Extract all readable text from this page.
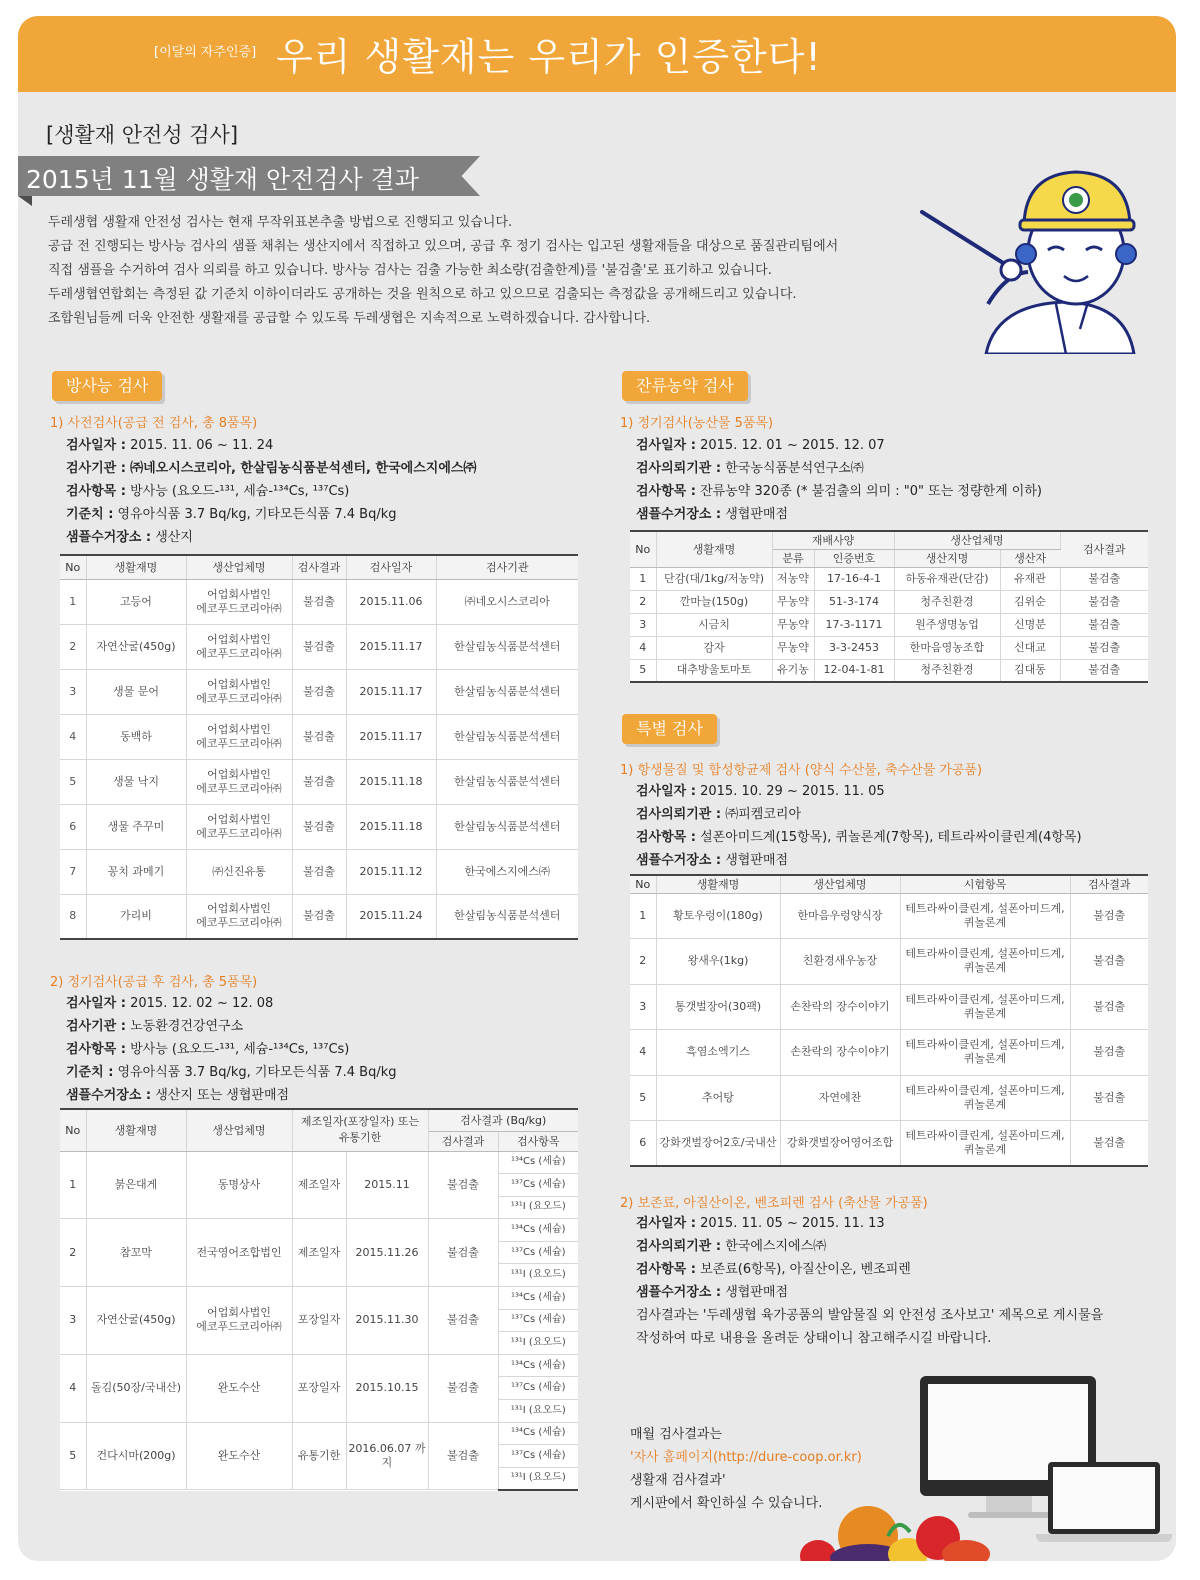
[이달의 자주인증] 우리 생활재는 우리가 인증한다!
[생활재 안전성 검사]
2015년 11월 생활재 안전검사 결과
두레생협 생활재 안전성 검사는 현재 무작위표본추출 방법으로 진행되고 있습니다.
공급 전 진행되는 방사능 검사의 샘플 채취는 생산지에서 직접하고 있으며, 공급 후 정기 검사는 입고된 생활재들을 대상으로 품질관리팀에서
직접 샘플을 수거하여 검사 의뢰를 하고 있습니다. 방사능 검사는 검출 가능한 최소량(검출한계)를 '불검출'로 표기하고 있습니다.
두레생협연합회는 측정된 값 기준치 이하이더라도 공개하는 것을 원칙으로 하고 있으므로 검출되는 측정값을 공개해드리고 있습니다.
조합원님들께 더욱 안전한 생활재를 공급할 수 있도록 두레생협은 지속적으로 노력하겠습니다. 감사합니다.
방사능 검사
1) 사전검사(공급 전 검사, 총 8품목)
검사일자 : 2015. 11. 06 ~ 11. 24
검사기관 : ㈜네오시스코리아, 한살림농식품분석센터, 한국에스지에스㈜
검사항목 : 방사능 (요오드-¹³¹, 세슘-¹³⁴Cs, ¹³⁷Cs)
기준치 : 영유아식품 3.7 Bq/kg, 기타모든식품 7.4 Bq/kg
샘플수거장소 : 생산지
No	생활재명	생산업체명	검사결과	검사일자	검사기관
1	고등어	어업회사법인
에코푸드코리아㈜	불검출	2015.11.06	㈜네오시스코리아
2	자연산굴(450g)	어업회사법인
에코푸드코리아㈜	불검출	2015.11.17	한살림농식품분석센터
3	생물 문어	어업회사법인
에코푸드코리아㈜	불검출	2015.11.17	한살림농식품분석센터
4	동백하	어업회사법인
에코푸드코리아㈜	불검출	2015.11.17	한살림농식품분석센터
5	생물 낙지	어업회사법인
에코푸드코리아㈜	불검출	2015.11.18	한살림농식품분석센터
6	생물 주꾸미	어업회사법인
에코푸드코리아㈜	불검출	2015.11.18	한살림농식품분석센터
7	꽁치 과메기	㈜신진유통	불검출	2015.11.12	한국에스지에스㈜
8	가리비	어업회사법인
에코푸드코리아㈜	불검출	2015.11.24	한살림농식품분석센터
2) 정기검사(공급 후 검사, 총 5품목)
검사일자 : 2015. 12. 02 ~ 12. 08
검사기관 : 노동환경건강연구소
검사항목 : 방사능 (요오드-¹³¹, 세슘-¹³⁴Cs, ¹³⁷Cs)
기준치 : 영유아식품 3.7 Bq/kg, 기타모든식품 7.4 Bq/kg
샘플수거장소 : 생산지 또는 생협판매점
No	생활재명	생산업체명	제조일자(포장일자) 또는
유통기한		검사결과 (Bq/kg)	
					검사결과	검사항목
1	붉은대게	동명상사	제조일자	2015.11	불검출	¹³⁴Cs (세슘)
						¹³⁷Cs (세슘)
						¹³¹I (요오드)
2	참꼬막	전국영어조합법인	제조일자	2015.11.26	불검출	¹³⁴Cs (세슘)
						¹³⁷Cs (세슘)
						¹³¹I (요오드)
3	자연산굴(450g)	어업회사법인
에코푸드코리아㈜	포장일자	2015.11.30	불검출	¹³⁴Cs (세슘)
						¹³⁷Cs (세슘)
						¹³¹I (요오드)
4	돌김(50장/국내산)	완도수산	포장일자	2015.10.15	불검출	¹³⁴Cs (세슘)
						¹³⁷Cs (세슘)
						¹³¹I (요오드)
5	건다시마(200g)	완도수산	유통기한	2016.06.07 까지	불검출	¹³⁴Cs (세슘)
						¹³⁷Cs (세슘)
						¹³¹I (요오드)
잔류농약 검사
1) 정기검사(농산물 5품목)
검사일자 : 2015. 12. 01 ~ 2015. 12. 07
검사의뢰기관 : 한국농식품분석연구소㈜
검사항목 : 잔류농약 320종 (* 불검출의 의미 : "0" 또는 정량한계 이하)
샘플수거장소 : 생협판매점
No	생활재명	재배사양		생산업체명		검사결과
		분류	인증번호	생산지명	생산자	
1	단감(대/1kg/저농약)	저농약	17-16-4-1	하동유재관(단감)	유재관	불검출
2	깐마늘(150g)	무농약	51-3-174	청주친환경	김위순	불검출
3	시금치	무농약	17-3-1171	원주생명농업	신명분	불검출
4	감자	무농약	3-3-2453	한마음영농조합	신대교	불검출
5	대추방울토마토	유기농	12-04-1-81	청주친환경	김대동	불검출
특별 검사
1) 항생물질 및 합성항균제 검사 (양식 수산물, 축수산물 가공품)
검사일자 : 2015. 10. 29 ~ 2015. 11. 05
검사의뢰기관 : ㈜피켐코리아
검사항목 : 설폰아미드계(15항목), 퀴놀론계(7항목), 테트라싸이클린계(4항목)
샘플수거장소 : 생협판매점
No	생활재명	생산업체명	시험항목	검사결과
1	황토우렁이(180g)	한마음우렁양식장	테트라싸이클린계, 설폰아미드계,
퀴놀론계	불검출
2	왕새우(1kg)	친환경새우농장	테트라싸이클린계, 설폰아미드계,
퀴놀론계	불검출
3	통갯벌장어(30팩)	손찬락의 장수이야기	테트라싸이클린계, 설폰아미드계,
퀴놀론계	불검출
4	흑염소엑기스	손찬락의 장수이야기	테트라싸이클린계, 설폰아미드계,
퀴놀론계	불검출
5	추어탕	자연에찬	테트라싸이클린계, 설폰아미드계,
퀴놀론계	불검출
6	강화갯벌장어2호/국내산	강화갯벌장어영어조합	테트라싸이클린계, 설폰아미드계,
퀴놀론계	불검출
2) 보존료, 아질산이온, 벤조피렌 검사 (축산물 가공품)
검사일자 : 2015. 11. 05 ~ 2015. 11. 13
검사의뢰기관 : 한국에스지에스㈜
검사항목 : 보존료(6항목), 아질산이온, 벤조피렌
샘플수거장소 : 생협판매점
검사결과는 '두레생협 육가공품의 발암물질 외 안전성 조사보고' 제목으로 게시물을
작성하여 따로 내용을 올려둔 상태이니 참고해주시길 바랍니다.
매월 검사결과는
'자사 홈페이지(http://dure-coop.or.kr)
생활재 검사결과'
게시판에서 확인하실 수 있습니다.
